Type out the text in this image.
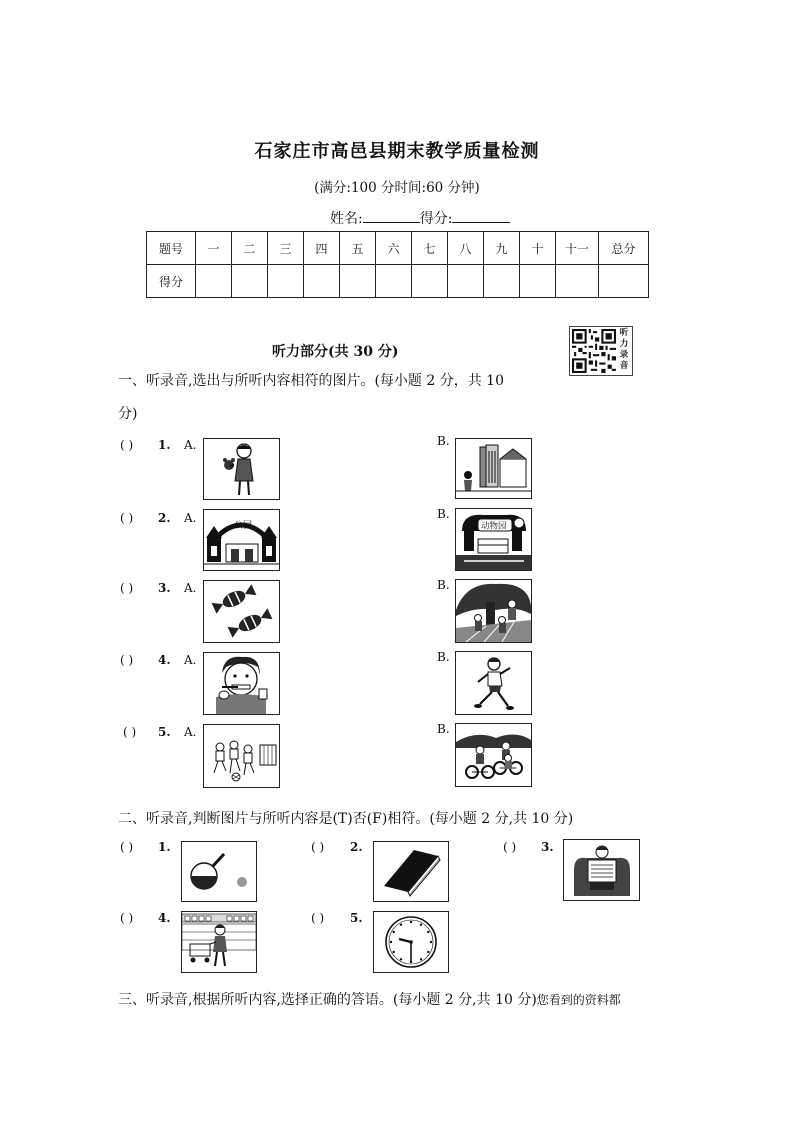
石家庄市高邑县期末教学质量检测
(满分:100 分时间:60 分钟)
姓名:	得分:
题号	一	二	三	四	五	六	七	八	九	十	十一	总分
得分												
听力部分(共 30 分)
听
力
录
音
一、听录音,选出与所听内容相符的图片。(每小题 2 分，共 10
分)
( ) 1. A.	B.
( ) 2. A.
公园
B.
动物园
( ) 3. A.	B.
( ) 4. A.	B.
( ) 5. A.	B.
二、听录音,判断图片与所听内容是(T)否(F)相符。(每小题 2 分,共 10 分)
( ) 1.	( ) 2.	( ) 3.
( ) 4.	( ) 5.
三、听录音,根据所听内容,选择正确的答语。(每小题 2 分,共 10 分)您看到的资料都
